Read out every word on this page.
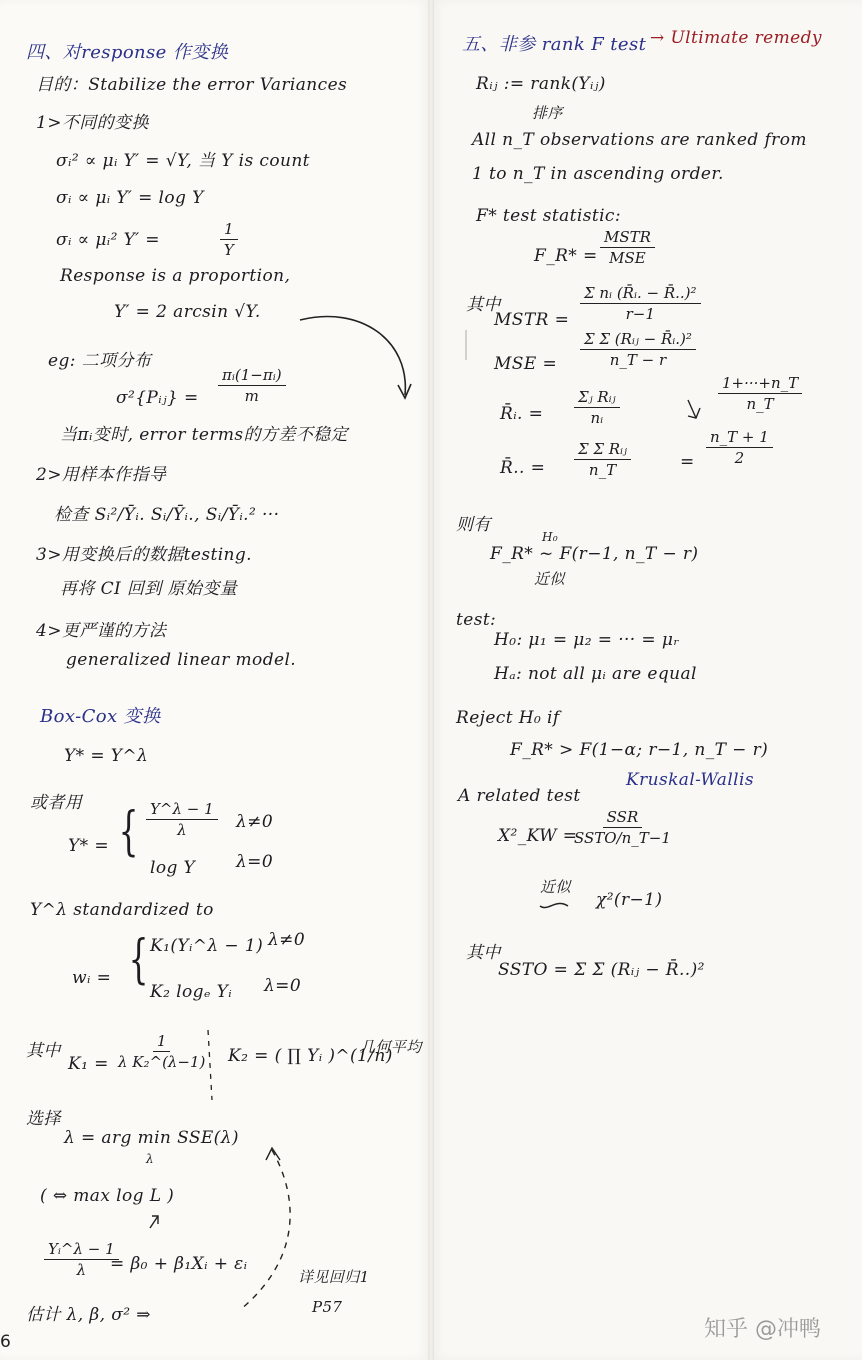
四、对response 作变换
目的：Stabilize the error Variances
1>不同的变换
σᵢ² ∝ μᵢ Y′ = √Y, 当 Y is count
σᵢ ∝ μᵢ Y′ = log Y
σᵢ ∝ μᵢ² Y′ =	$\frac{1}{Y}$
Response is a proportion,
Y′ = 2 arcsin √Y.
eg: 二项分布
σ²{Pᵢⱼ} = $\frac{\text{πᵢ(1−πᵢ)}}{m}$
当πᵢ变时, error terms的方差不稳定
2>用样本作指导
检查 Sᵢ²/Ȳᵢ. Sᵢ/Ȳᵢ., Sᵢ/Ȳᵢ.² ···
3>用变换后的数据testing.
再将 CI 回到 原始变量
4>更严谨的方法
generalized linear model.
Box-Cox 变换
Y* = Y^λ
或者用
Y* = { $\frac{Y\^{}\lambda - 1}{\lambda} \lambda\ne 0$
log Y λ=0
Y^λ standardized to
wᵢ = { K₁(Yᵢ^λ − 1) λ≠0
K₂ logₑ Yᵢ λ=0
其中
$K_1 = \frac{1}{\text{λ K₂\textasciicircum{}(λ−1)}} K_2$ = ( ∏ Yᵢ )^(1/n)
几何平均
选择
λ = arg min SSE(λ)
λ
( ⇔ max log L )
$\frac{\text{Yᵢ\textasciicircum{}λ − 1}}{\lambda}$
= β₀ + β₁Xᵢ + εᵢ
估计 λ, β, σ² ⇒
详见回归1
P57
6
五、非参 rank F test → Ultimate remedy
Rᵢⱼ := rank(Yᵢⱼ)
排序
All n_T observations are ranked from
1 to n_T in ascending order.
F* test statistic:
F_R* =
MSTR
MSE
其中
MSTR = $\frac{\text{Σ nᵢ (R̄ᵢ. − R̄..)²}}{r-1}$
MSE =
Σ Σ (Rᵢⱼ − R̄ᵢ.)²
n_T − r
R̄ᵢ. =
Σⱼ Rᵢⱼ
nᵢ
$\frac{1+\cdot\cdot\cdot+n\_T}{n\_T}$
R̄.. =
Σ Σ Rᵢⱼ
n_T	= $\frac{n\_T + 1}{2}$
则有
F_R* ~ F(r−1, n_T − r)
H₀
近似
test:
H₀: μ₁ = μ₂ = ··· = μᵣ
Hₐ: not all μᵢ are equal
Reject H₀ if
F_R* > F(1−α; r−1, n_T − r)
A related test
Kruskal-Wallis
X²_KW =
SSR
SSTO/n_T−1
近似
χ²(r−1)
其中
SSTO = Σ Σ (Rᵢⱼ − R̄..)²
知乎 @冲鸭
